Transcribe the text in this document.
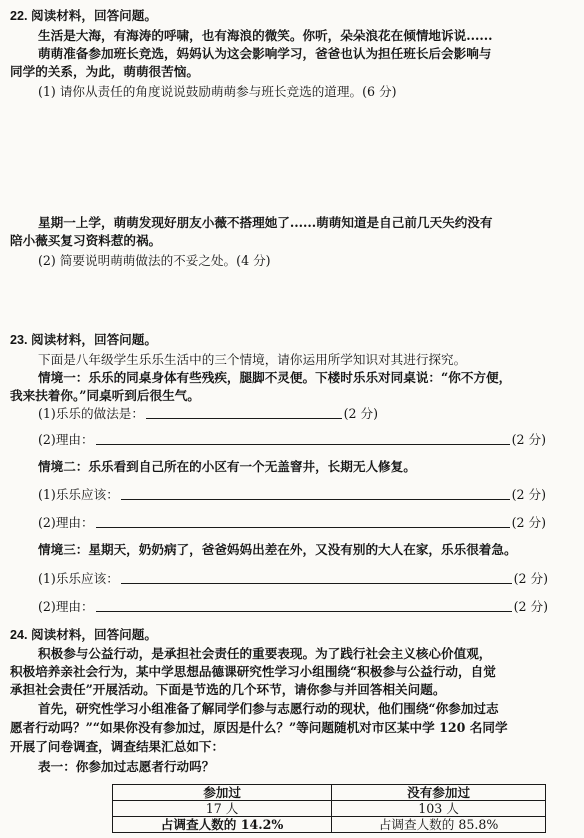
22. 阅读材料，回答问题。
生活是大海，有海涛的呼啸，也有海浪的微笑。你听，朵朵浪花在倾情地诉说......
萌萌准备参加班长竞选，妈妈认为这会影响学习，爸爸也认为担任班长后会影响与
同学的关系，为此，萌萌很苦恼。
(1) 请你从责任的角度说说鼓励萌萌参与班长竞选的道理。(6 分)
星期一上学，萌萌发现好朋友小薇不搭理她了......萌萌知道是自己前几天失约没有
陪小薇买复习资料惹的祸。
(2) 简要说明萌萌做法的不妥之处。(4 分)
23. 阅读材料，回答问题。
下面是八年级学生乐乐生活中的三个情境，请你运用所学知识对其进行探究。
情境一：乐乐的同桌身体有些残疾，腿脚不灵便。下楼时乐乐对同桌说：“你不方便，
我来扶着你。”同桌听到后很生气。
(1)乐乐的做法是：	(2 分)
(2)理由：	(2 分)
情境二：乐乐看到自己所在的小区有一个无盖窨井，长期无人修复。
(1)乐乐应该：	(2 分)
(2)理由：	(2 分)
情境三：星期天，奶奶病了，爸爸妈妈出差在外，又没有别的大人在家，乐乐很着急。
(1)乐乐应该：	(2 分)
(2)理由：	(2 分)
24. 阅读材料，回答问题。
积极参与公益行动，是承担社会责任的重要表现。为了践行社会主义核心价值观，
积极培养亲社会行为，某中学思想品德课研究性学习小组围绕“积极参与公益行动，自觉
承担社会责任”开展活动。下面是节选的几个环节，请你参与并回答相关问题。
首先，研究性学习小组准备了解同学们参与志愿行动的现状，他们围绕“你参加过志
愿者行动吗？”“如果你没有参加过，原因是什么？”等问题随机对市区某中学 120 名同学
开展了问卷调查，调查结果汇总如下：
表一：你参加过志愿者行动吗？
参加过	没有参加过
17 人	103 人
占调查人数的 14.2%	占调查人数的 85.8%
